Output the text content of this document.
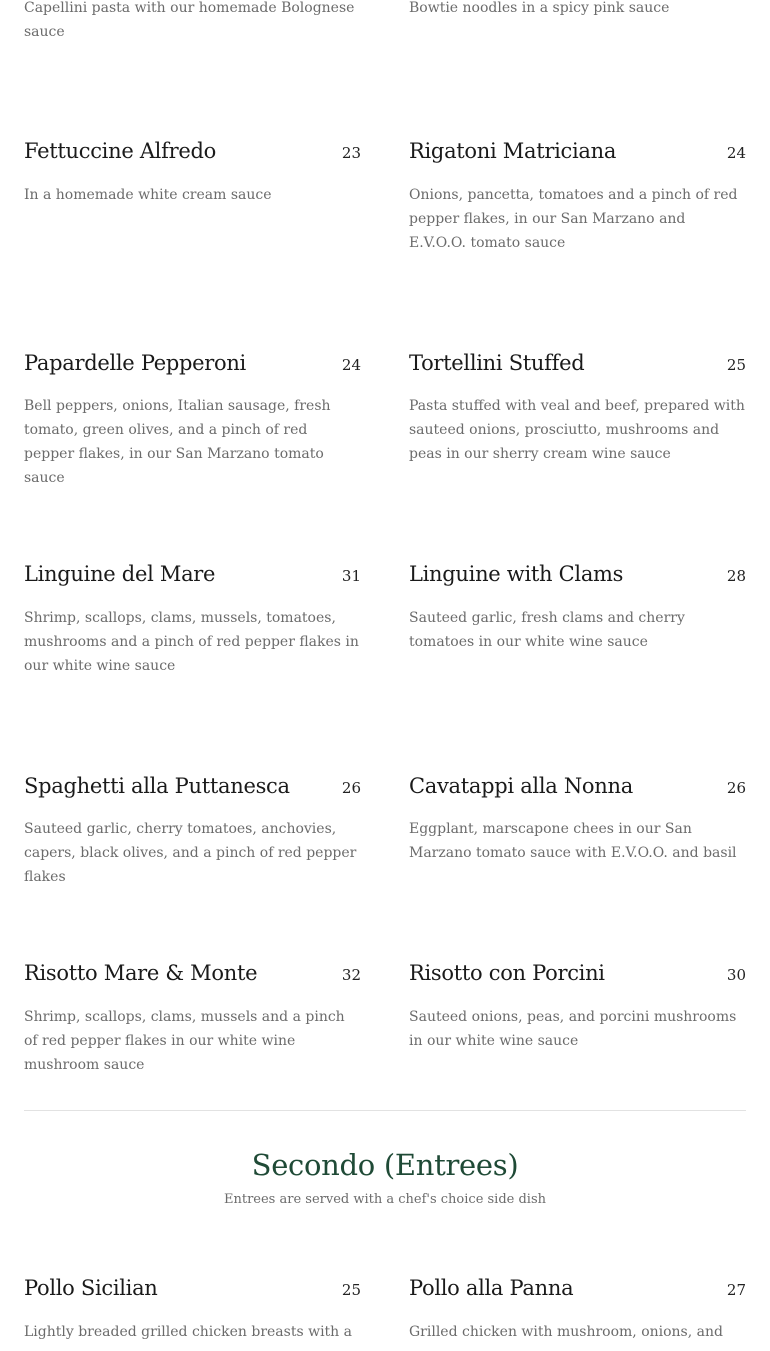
Capellini pasta with our homemade Bolognese sauce
Bowtie noodles in a spicy pink sauce
Fettuccine Alfredo	23
In a homemade white cream sauce
Rigatoni Matriciana	24
Onions, pancetta, tomatoes and a pinch of red pepper flakes, in our San Marzano and E.V.O.O. tomato sauce
Papardelle Pepperoni	24
Bell peppers, onions, Italian sausage, fresh tomato, green olives, and a pinch of red pepper flakes, in our San Marzano tomato sauce
Tortellini Stuffed	25
Pasta stuffed with veal and beef, prepared with sauteed onions, prosciutto, mushrooms and peas in our sherry cream wine sauce
Linguine del Mare	31
Shrimp, scallops, clams, mussels, tomatoes, mushrooms and a pinch of red pepper flakes in our white wine sauce
Linguine with Clams	28
Sauteed garlic, fresh clams and cherry tomatoes in our white wine sauce
Spaghetti alla Puttanesca	26
Sauteed garlic, cherry tomatoes, anchovies, capers, black olives, and a pinch of red pepper flakes
Cavatappi alla Nonna	26
Eggplant, marscapone chees in our San Marzano tomato sauce with E.V.O.O. and basil
Risotto Mare & Monte	32
Shrimp, scallops, clams, mussels and a pinch of red pepper flakes in our white wine mushroom sauce
Risotto con Porcini	30
Sauteed onions, peas, and porcini mushrooms in our white wine sauce
Secondo (Entrees)
Entrees are served with a chef's choice side dish
Pollo Sicilian	25
Lightly breaded grilled chicken breasts with a
Pollo alla Panna	27
Grilled chicken with mushroom, onions, and
